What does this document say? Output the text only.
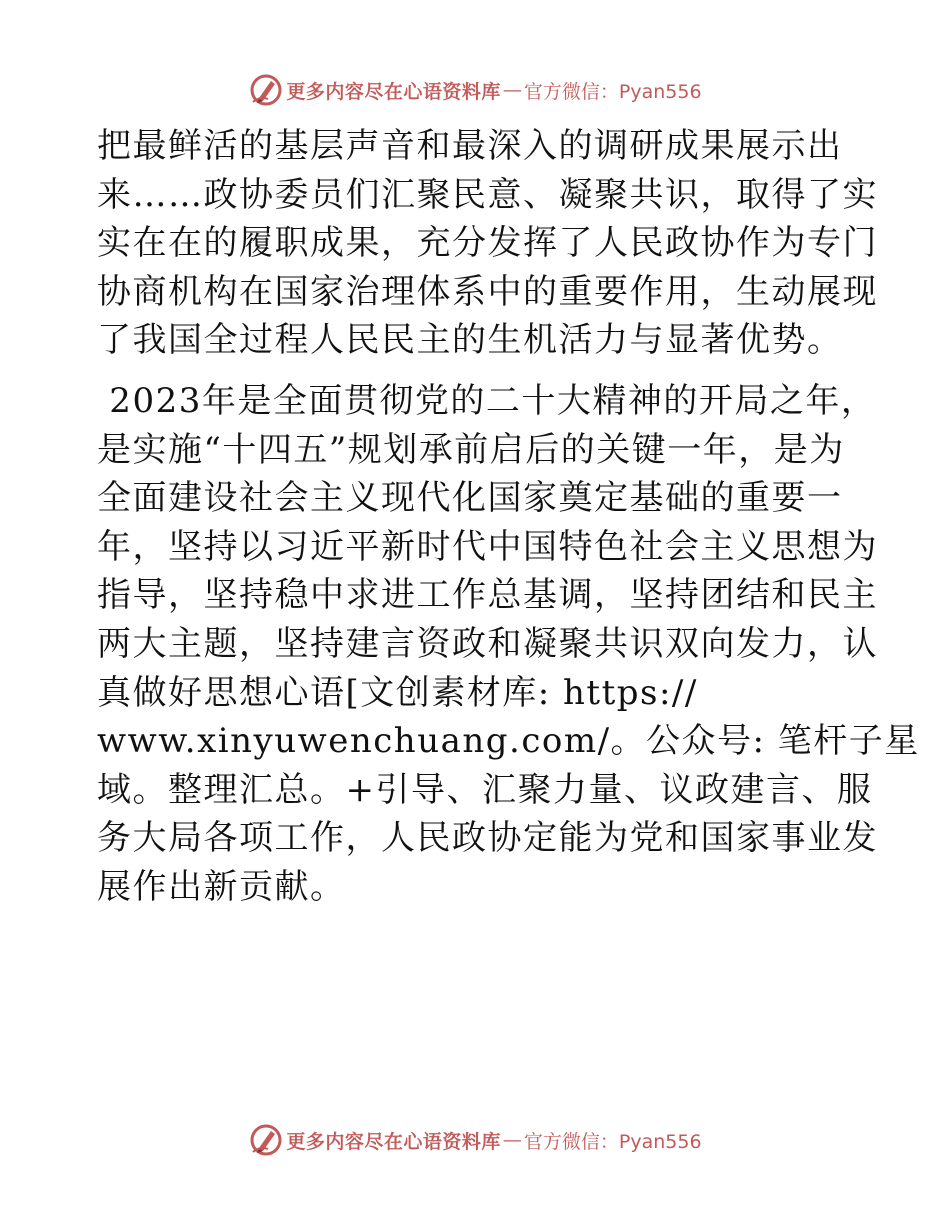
更多内容尽在心语资料库 — 官方微信：Pyan556

把最鲜活的基层声音和最深入的调研成果展示出
来……政协委员们汇聚民意、凝聚共识，取得了实
实在在的履职成果，充分发挥了人民政协作为专门
协商机构在国家治理体系中的重要作用，生动展现
了我国全过程人民民主的生机活力与显著优势。

2023年是全面贯彻党的二十大精神的开局之年，
是实施“十四五”规划承前启后的关键一年，是为
全面建设社会主义现代化国家奠定基础的重要一
年，坚持以习近平新时代中国特色社会主义思想为
指导，坚持稳中求进工作总基调，坚持团结和民主
两大主题，坚持建言资政和凝聚共识双向发力，认
真做好思想心语[文创素材库: https://
www.xinyuwenchuang.com/。公众号: 笔杆子星
域。整理汇总。+引导、汇聚力量、议政建言、服
务大局各项工作，人民政协定能为党和国家事业发
展作出新贡献。

更多内容尽在心语资料库 — 官方微信：Pyan556
